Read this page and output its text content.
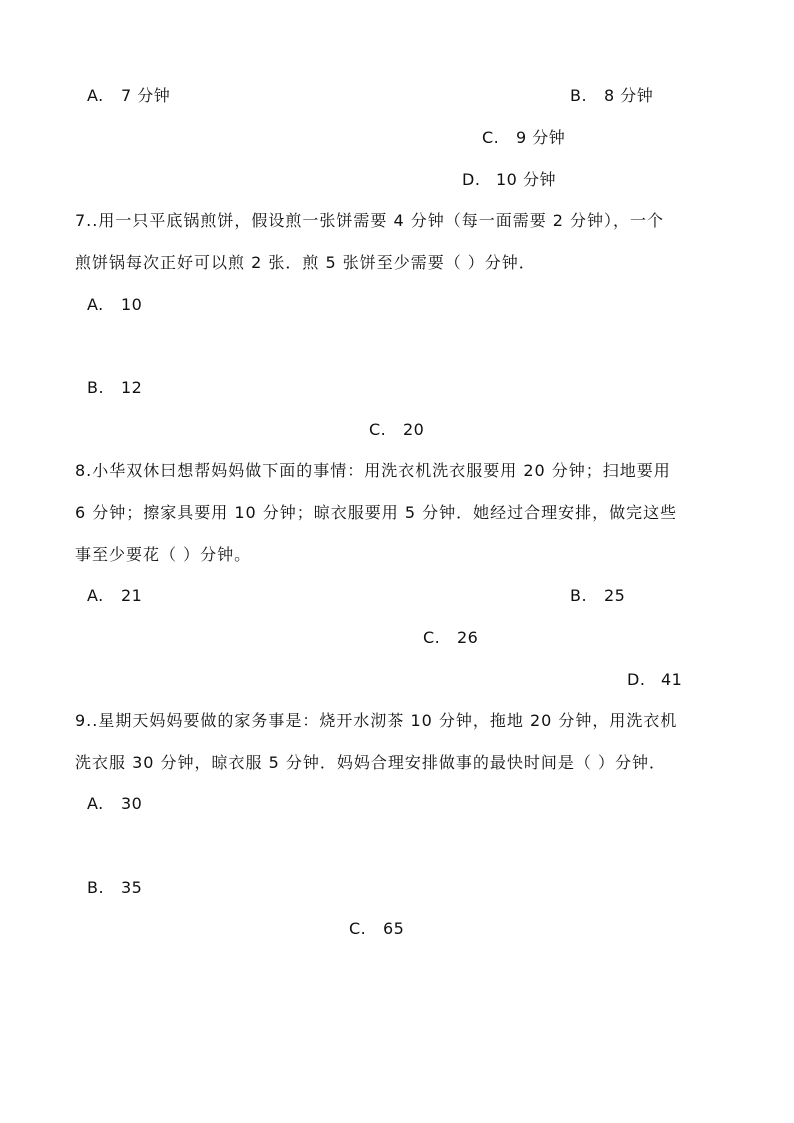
A. 7 分钟	B. 8 分钟
C. 9 分钟
D. 10 分钟
7..用一只平底锅煎饼，假设煎一张饼需要 4 分钟（每一面需要 2 分钟），一个
煎饼锅每次正好可以煎 2 张．煎 5 张饼至少需要（ ）分钟．
A. 10
B. 12
C. 20
8.小华双休曰想帮妈妈做下面的事情：用洗衣机洗衣服要用 20 分钟；扫地要用
6 分钟；擦家具要用 10 分钟；晾衣服要用 5 分钟．她经过合理安排，做完这些
事至少要花（ ）分钟。
A. 21	B. 25
C. 26
D. 41
9..星期天妈妈要做的家务事是：烧开水沏茶 10 分钟，拖地 20 分钟，用洗衣机
洗衣服 30 分钟，晾衣服 5 分钟．妈妈合理安排做事的最快时间是（ ）分钟．
A. 30
B. 35
C. 65
